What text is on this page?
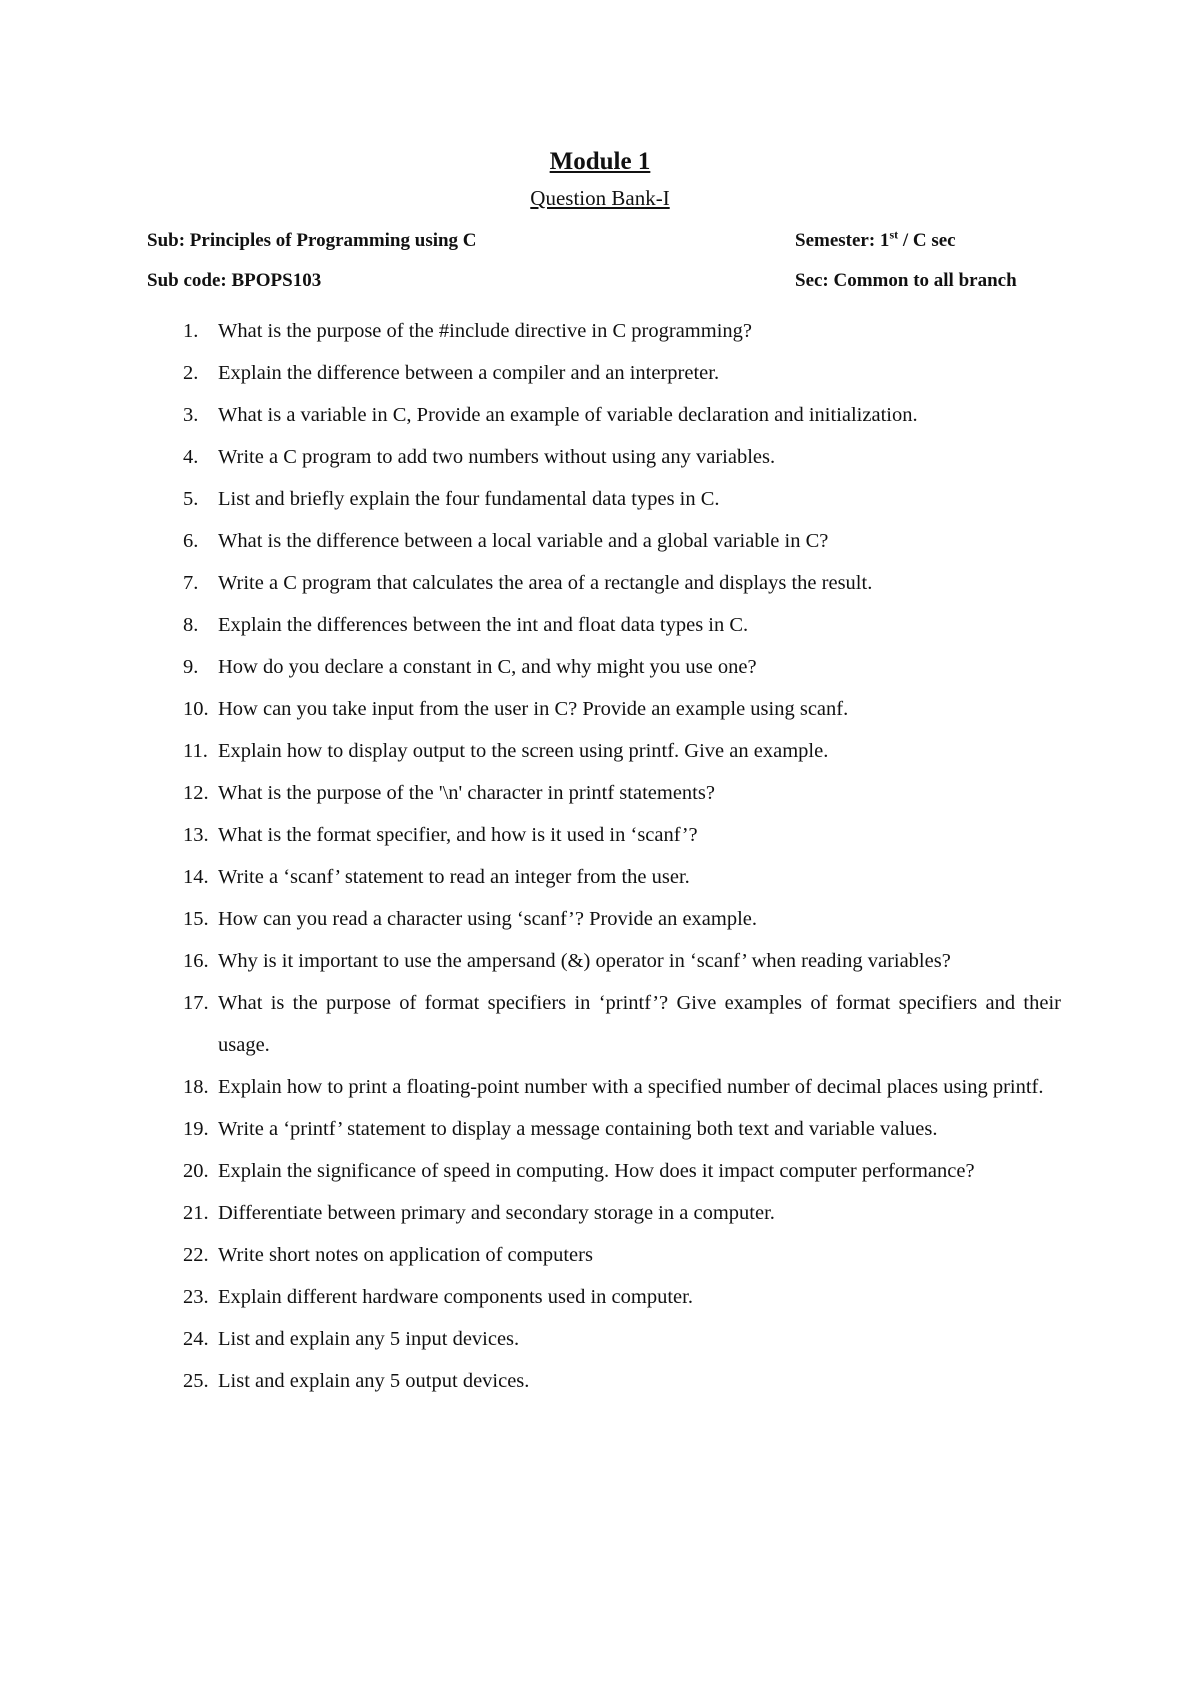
Module 1
Question Bank-I
Sub: Principles of Programming using C	Semester: 1st / C sec
Sub code: BPOPS103	Sec: Common to all branch
1. What is the purpose of the #include directive in C programming?
2. Explain the difference between a compiler and an interpreter.
3. What is a variable in C, Provide an example of variable declaration and initialization.
4. Write a C program to add two numbers without using any variables.
5. List and briefly explain the four fundamental data types in C.
6. What is the difference between a local variable and a global variable in C?
7. Write a C program that calculates the area of a rectangle and displays the result.
8. Explain the differences between the int and float data types in C.
9. How do you declare a constant in C, and why might you use one?
10. How can you take input from the user in C? Provide an example using scanf.
11. Explain how to display output to the screen using printf. Give an example.
12. What is the purpose of the '\n' character in printf statements?
13. What is the format specifier, and how is it used in ‘scanf’?
14. Write a ‘scanf’ statement to read an integer from the user.
15. How can you read a character using ‘scanf’? Provide an example.
16. Why is it important to use the ampersand (&) operator in ‘scanf’ when reading variables?
17. What is the purpose of format specifiers in ‘printf’? Give examples of format specifiers and their usage.
18. Explain how to print a floating-point number with a specified number of decimal places using printf.
19. Write a ‘printf’ statement to display a message containing both text and variable values.
20. Explain the significance of speed in computing. How does it impact computer performance?
21. Differentiate between primary and secondary storage in a computer.
22. Write short notes on application of computers
23. Explain different hardware components used in computer.
24. List and explain any 5 input devices.
25. List and explain any 5 output devices.
